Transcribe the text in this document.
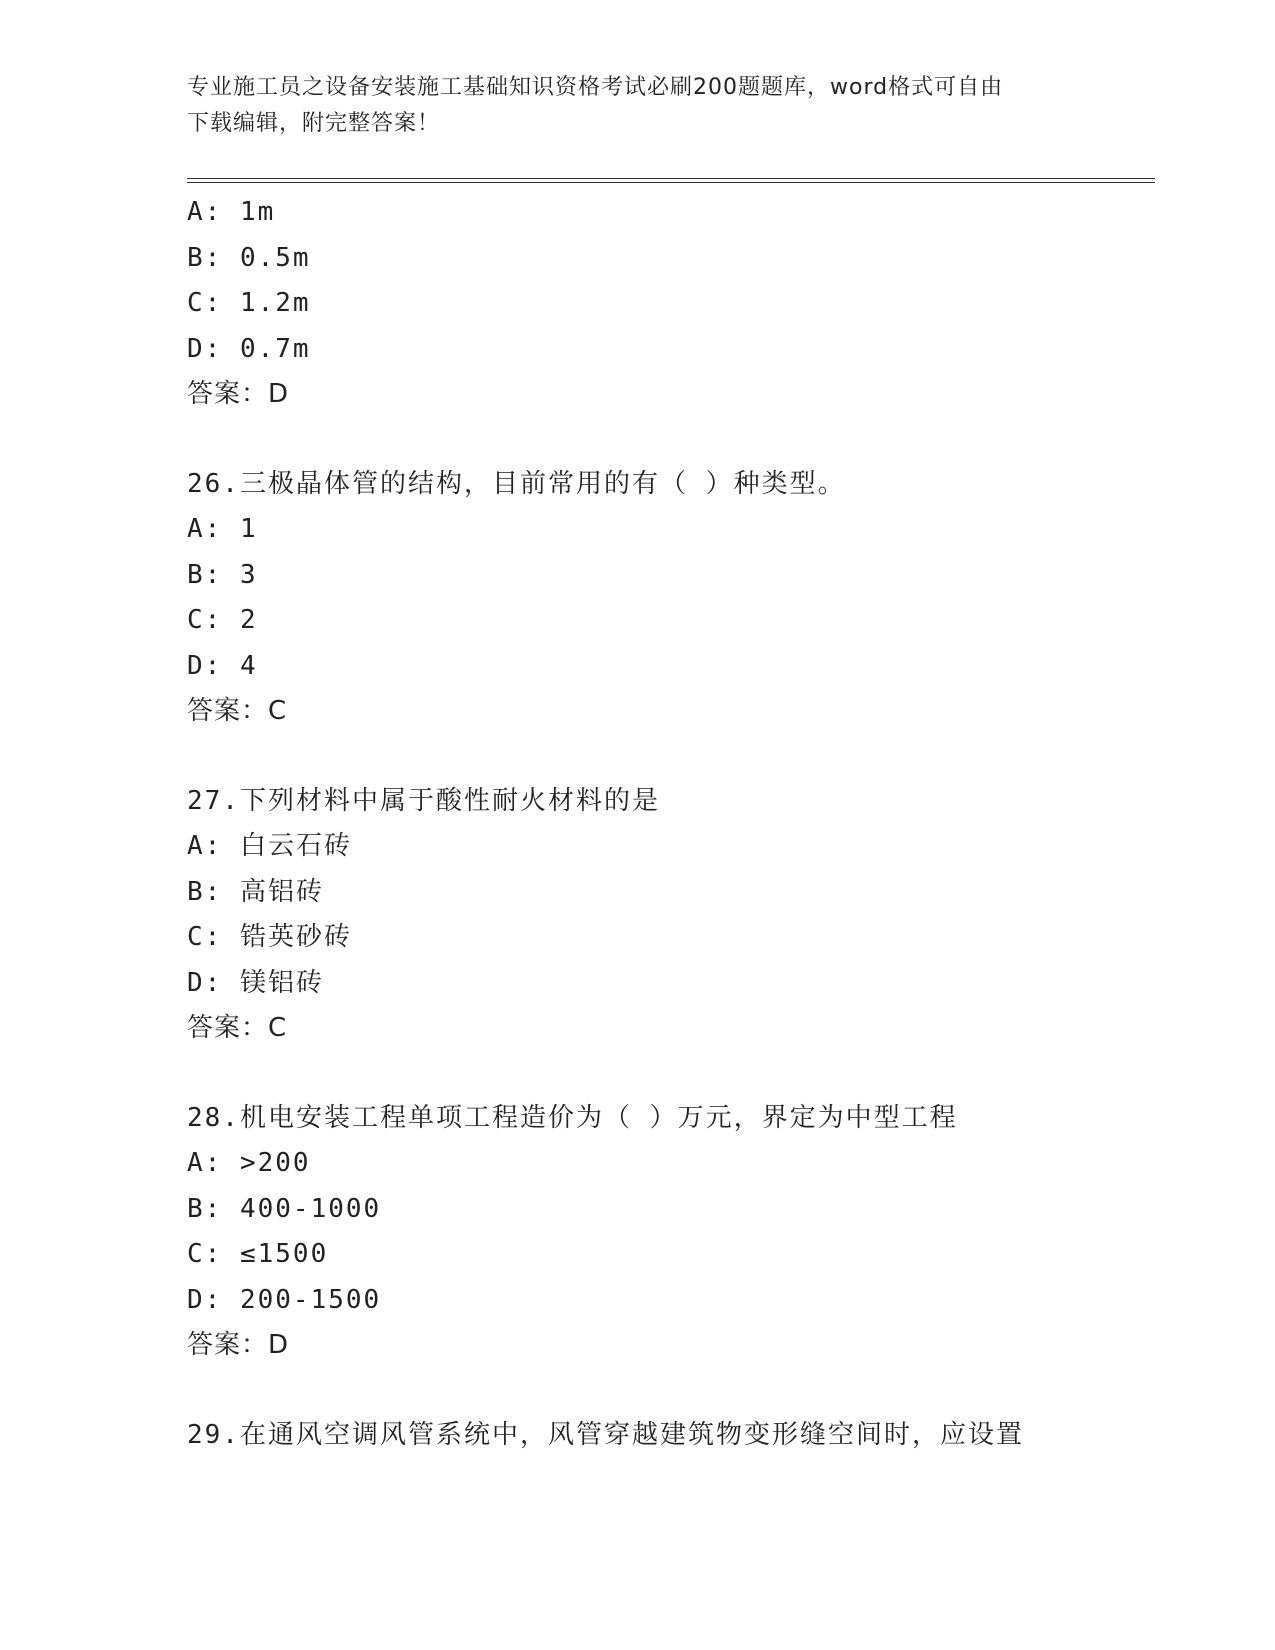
专业施工员之设备安装施工基础知识资格考试必刷200题题库，word格式可自由
下载编辑，附完整答案！
A: 1m
B: 0.5m
C: 1.2m
D: 0.7m
答案：D
26.三极晶体管的结构，目前常用的有（ ）种类型。
A: 1
B: 3
C: 2
D: 4
答案：C
27.下列材料中属于酸性耐火材料的是
A: 白云石砖
B: 高铝砖
C: 锆英砂砖
D: 镁铝砖
答案：C
28.机电安装工程单项工程造价为（ ）万元，界定为中型工程
A: >200
B: 400-1000
C: ≤1500
D: 200-1500
答案：D
29.在通风空调风管系统中，风管穿越建筑物变形缝空间时，应设置
